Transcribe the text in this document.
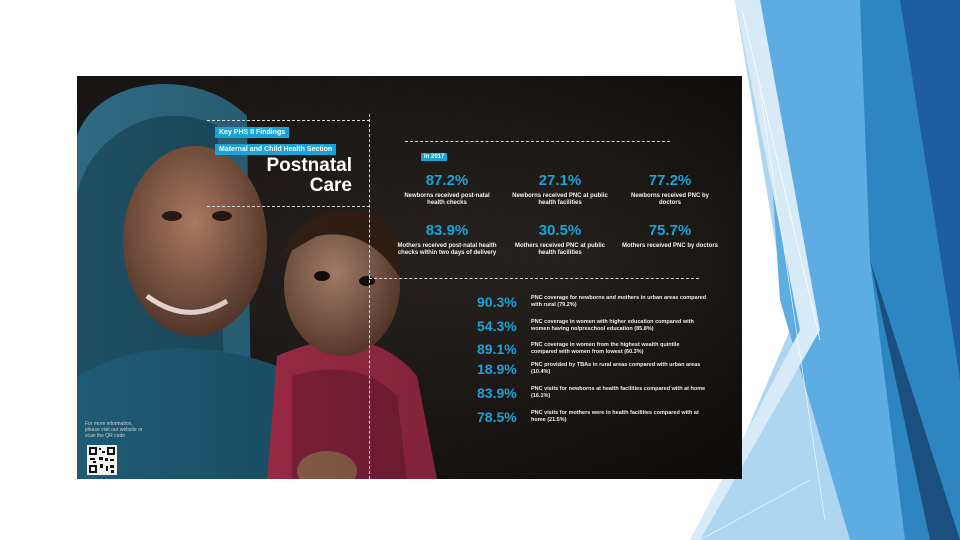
Key PHS II Findings
Maternal and Child Health Section
Postnatal
Care
In 2017
87.2%
Newborns received post-natal health checks
27.1%
Newborns received PNC at public health facilities
77.2%
Newborns received PNC by doctors
83.9%
Mothers received post-natal health checks within two days of delivery
30.5%
Mothers received PNC at public health facilities
75.7%
Mothers received PNC by doctors
90.3%	PNC coverage for newborns and mothers in urban areas compared with rural (79.2%)
54.3%	PNC coverage in women with higher education compared with women having no/preschool education (85.8%)
89.1%	PNC coverage in women from the highest wealth quintile compared with women from lowest (60.3%)
18.9%	PNC provided by TBAs in rural areas compared with urban areas (10.4%)
83.9%	PNC visits for newborns at health facilities compared with at home (16.1%)
78.5%	PNC visits for mothers were in health facilities compared with at home (21.5%)
For more information, please visit our website or scan the QR code
